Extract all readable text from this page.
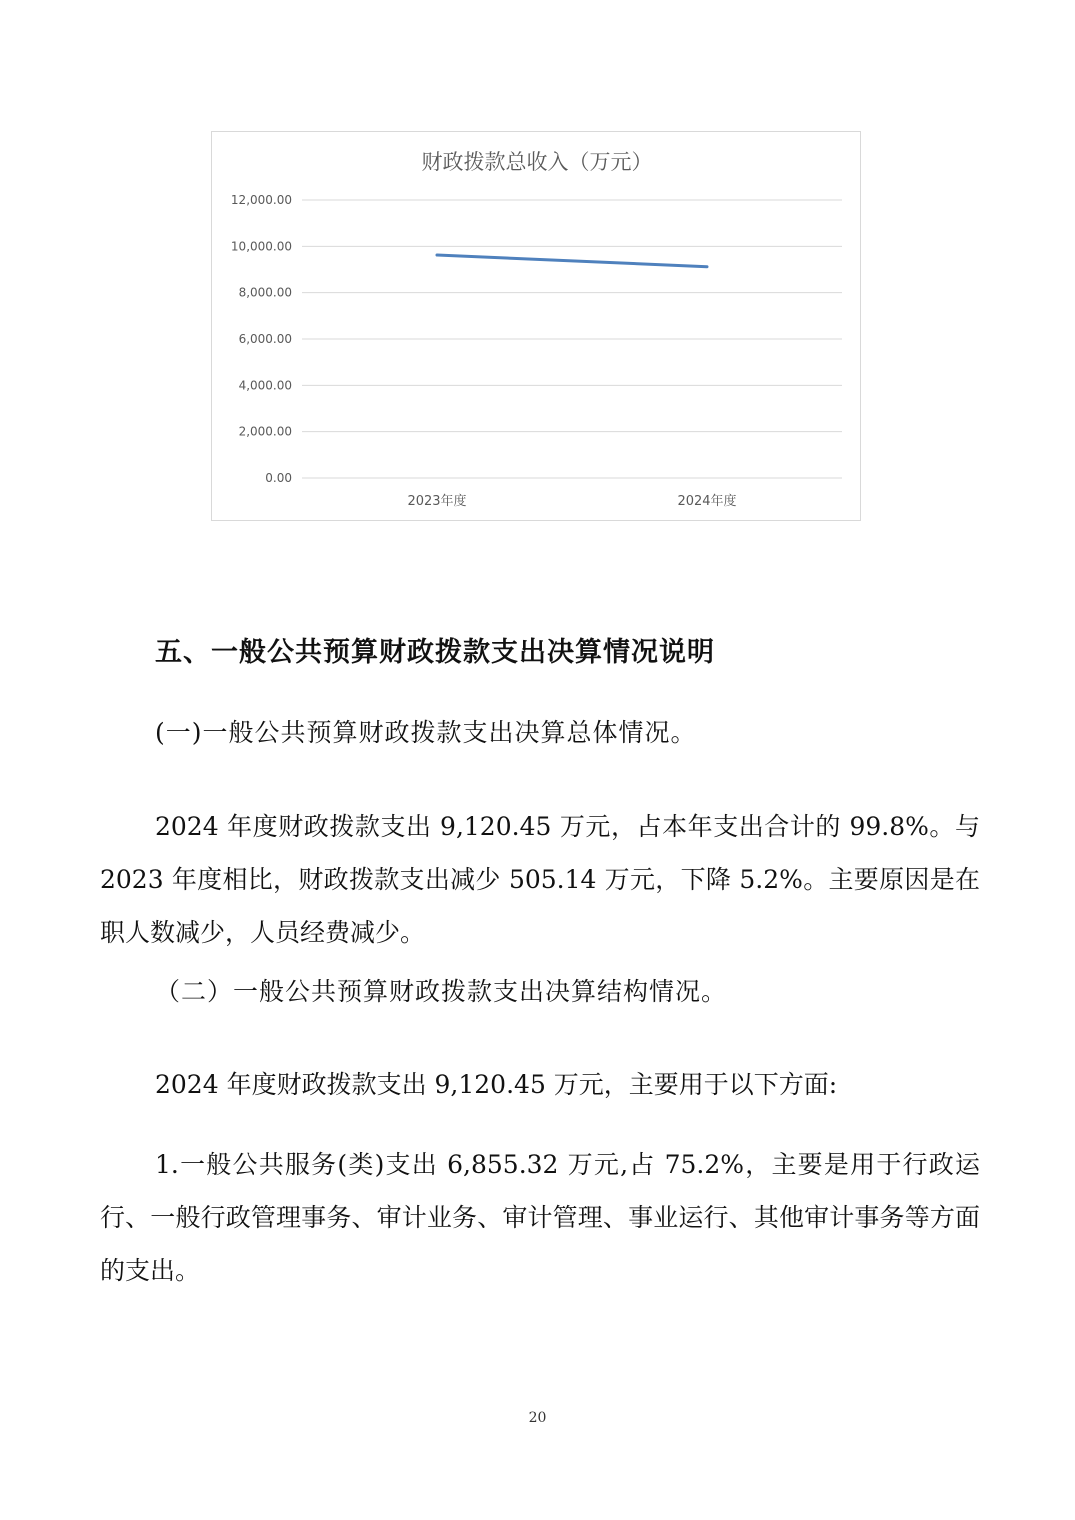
财政拨款总收入（万元）
12,000.00
10,000.00
8,000.00
6,000.00
4,000.00
2,000.00
0.00
2023年度	2024年度
五、一般公共预算财政拨款支出决算情况说明
(一)一般公共预算财政拨款支出决算总体情况。

2024 年度财政拨款支出 9,120.45 万元，占本年支出合计的 99.8%。与 2023 年度相比，财政拨款支出减少 505.14 万元，下降 5.2%。主要原因是在职人数减少，人员经费减少。

（二）一般公共预算财政拨款支出决算结构情况。

2024 年度财政拨款支出 9,120.45 万元，主要用于以下方面:

1.一般公共服务(类)支出 6,855.32 万元,占 75.2%，主要是用于行政运行、一般行政管理事务、审计业务、审计管理、事业运行、其他审计事务等方面的支出。

20
